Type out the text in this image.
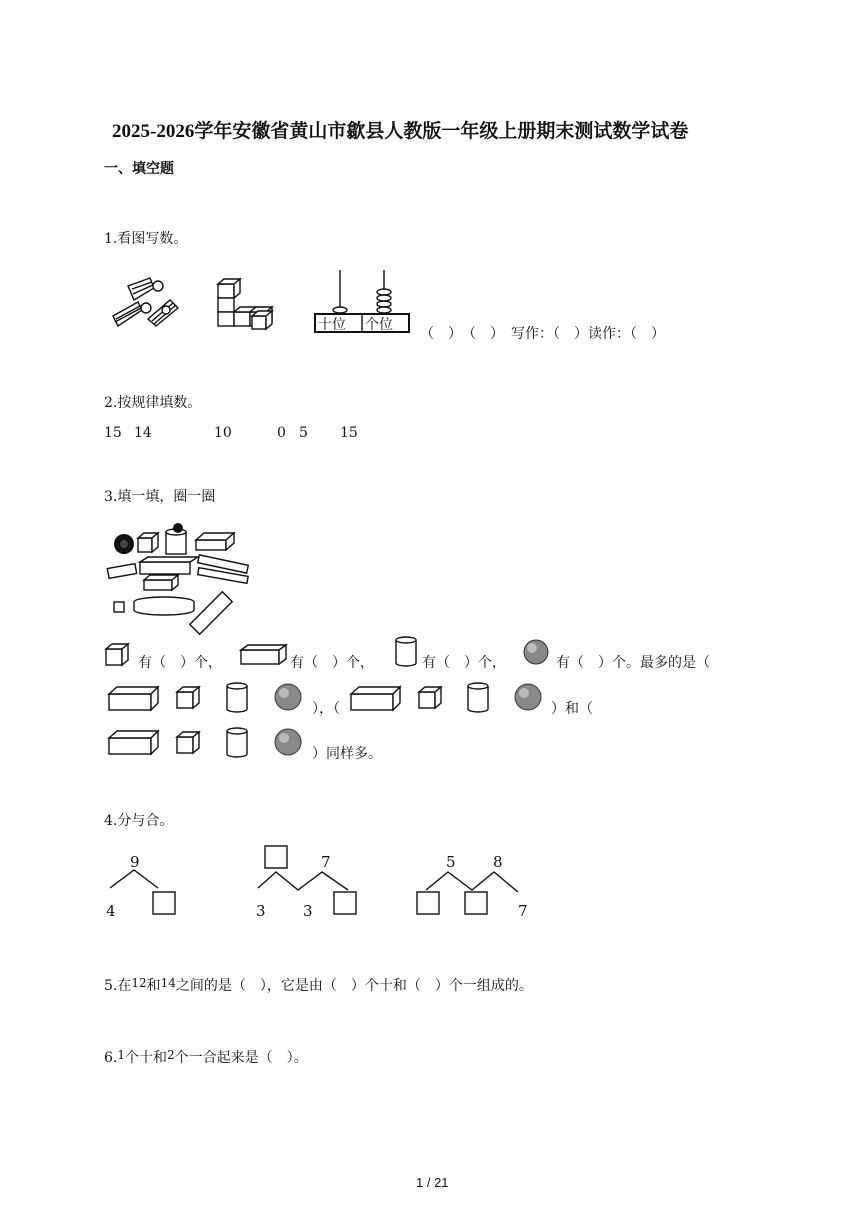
2025-2026学年安徽省黄山市歙县人教版一年级上册期末测试数学试卷
一、填空题
1.看图写数。
十位 个位
（　）　（　）　写作：（　）读作：（　）
2.按规律填数。
15 14	10	0 5 15
3.填一填，圈一圈
有（　）个，	有（　）个，	有（　）个，	有（　）个。最多的是（
），（	）和（
）同样多。
4.分与合。
9
4
7
3 3
5 8
7
5.在12和14之间的是（　），它是由（　）个十和（　）个一组成的。
6.1个十和2个一合起来是（　）。
1 / 21
